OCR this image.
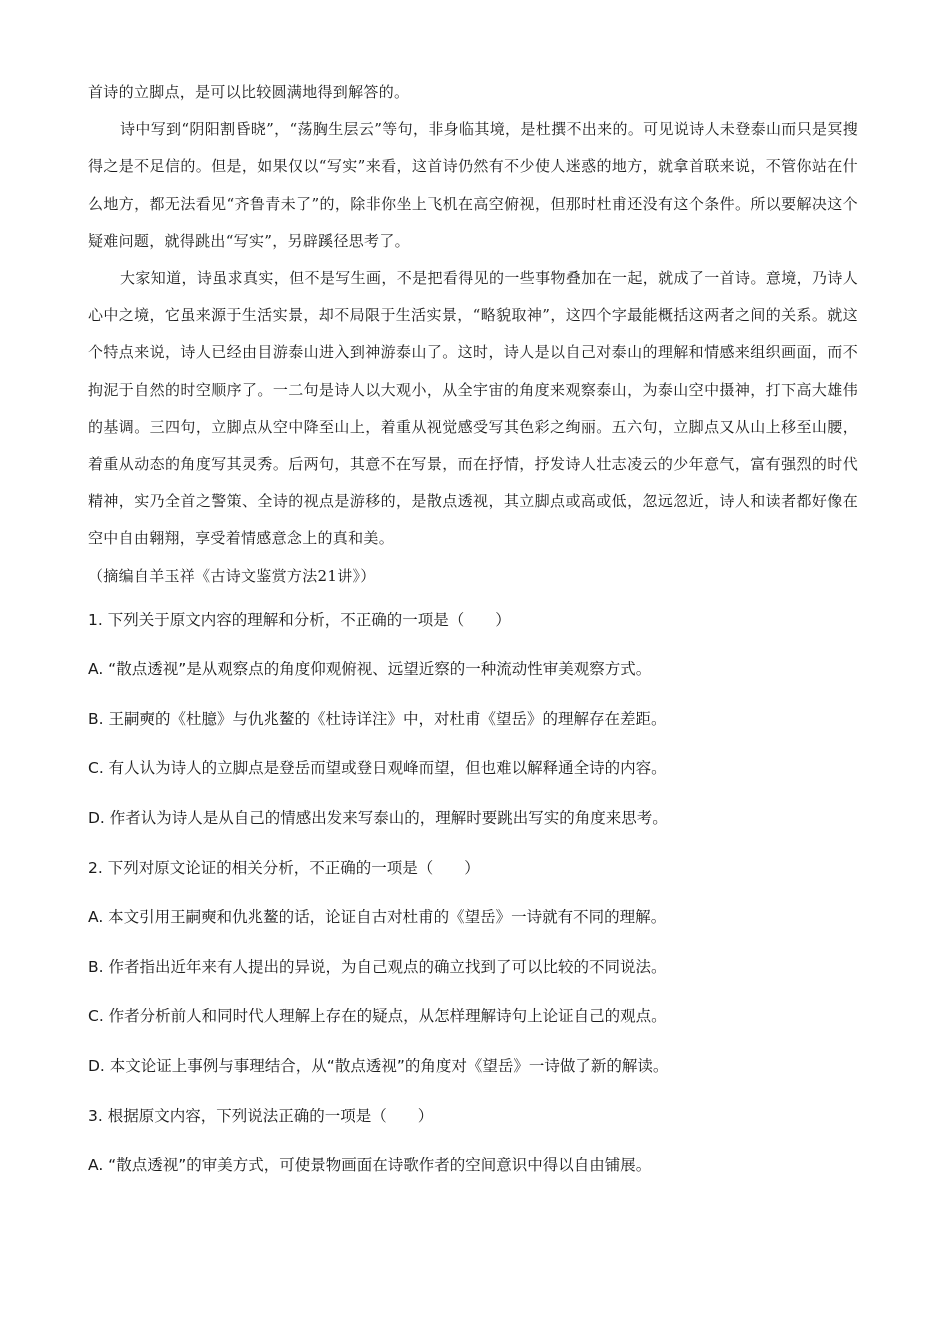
首诗的立脚点，是可以比较圆满地得到解答的。

诗中写到“阴阳割昏晓”，“荡胸生层云”等句，非身临其境，是杜撰不出来的。可见说诗人未登泰山而只是冥搜得之是不足信的。但是，如果仅以“写实”来看，这首诗仍然有不少使人迷惑的地方，就拿首联来说，不管你站在什么地方，都无法看见“齐鲁青未了”的，除非你坐上飞机在高空俯视，但那时杜甫还没有这个条件。所以要解决这个疑难问题，就得跳出“写实”，另辟蹊径思考了。

大家知道，诗虽求真实，但不是写生画，不是把看得见的一些事物叠加在一起，就成了一首诗。意境，乃诗人心中之境，它虽来源于生活实景，却不局限于生活实景，“略貌取神”，这四个字最能概括这两者之间的关系。就这个特点来说，诗人已经由目游泰山进入到神游泰山了。这时，诗人是以自己对泰山的理解和情感来组织画面，而不拘泥于自然的时空顺序了。一二句是诗人以大观小，从全宇宙的角度来观察泰山，为泰山空中摄神，打下高大雄伟的基调。三四句，立脚点从空中降至山上，着重从视觉感受写其色彩之绚丽。五六句，立脚点又从山上移至山腰，着重从动态的角度写其灵秀。后两句，其意不在写景，而在抒情，抒发诗人壮志凌云的少年意气，富有强烈的时代精神，实乃全首之警策、全诗的视点是游移的，是散点透视，其立脚点或高或低，忽远忽近，诗人和读者都好像在空中自由翱翔，享受着情感意念上的真和美。

（摘编自羊玉祥《古诗文鉴赏方法21讲》）

1. 下列关于原文内容的理解和分析，不正确的一项是（　　）
A. “散点透视”是从观察点的角度仰观俯视、远望近察的一种流动性审美观察方式。
B. 王嗣奭的《杜臆》与仇兆鳌的《杜诗详注》中，对杜甫《望岳》的理解存在差距。
C. 有人认为诗人的立脚点是登岳而望或登日观峰而望，但也难以解释通全诗的内容。
D. 作者认为诗人是从自己的情感出发来写泰山的，理解时要跳出写实的角度来思考。
2. 下列对原文论证的相关分析，不正确的一项是（　　）
A. 本文引用王嗣奭和仇兆鳌的话，论证自古对杜甫的《望岳》一诗就有不同的理解。
B. 作者指出近年来有人提出的异说，为自己观点的确立找到了可以比较的不同说法。
C. 作者分析前人和同时代人理解上存在的疑点，从怎样理解诗句上论证自己的观点。
D. 本文论证上事例与事理结合，从“散点透视”的角度对《望岳》一诗做了新的解读。
3. 根据原文内容，下列说法正确的一项是（　　）
A. “散点透视”的审美方式，可使景物画面在诗歌作者的空间意识中得以自由铺展。
